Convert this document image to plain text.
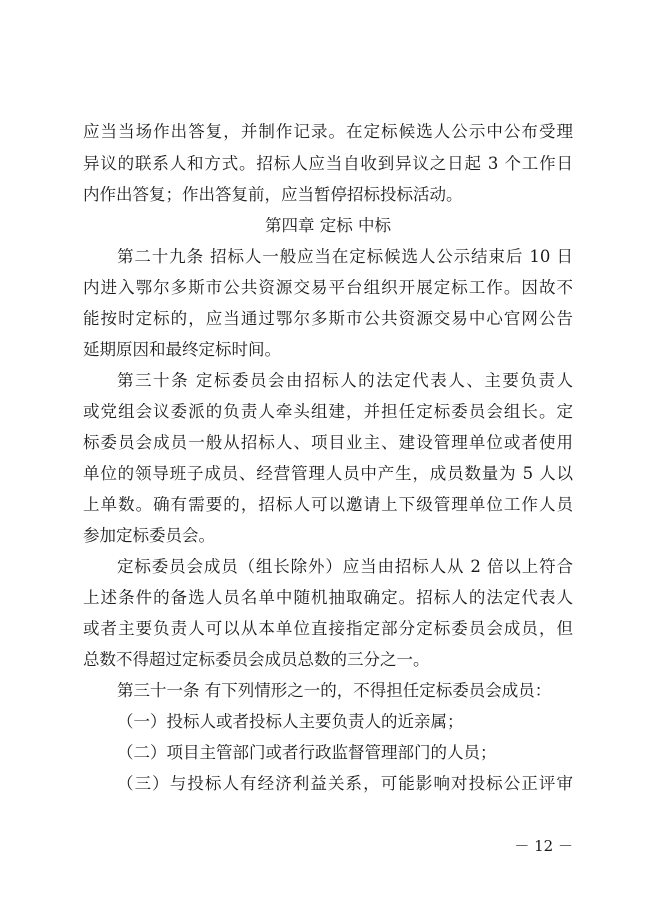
应当当场作出答复，并制作记录。在定标候选人公示中公布受理
异议的联系人和方式。招标人应当自收到异议之日起 3 个工作日
内作出答复；作出答复前，应当暂停招标投标活动。
第四章 定标 中标
第二十九条 招标人一般应当在定标候选人公示结束后 10 日
内进入鄂尔多斯市公共资源交易平台组织开展定标工作。因故不
能按时定标的，应当通过鄂尔多斯市公共资源交易中心官网公告
延期原因和最终定标时间。
第三十条 定标委员会由招标人的法定代表人、主要负责人
或党组会议委派的负责人牵头组建，并担任定标委员会组长。定
标委员会成员一般从招标人、项目业主、建设管理单位或者使用
单位的领导班子成员、经营管理人员中产生，成员数量为 5 人以
上单数。确有需要的，招标人可以邀请上下级管理单位工作人员
参加定标委员会。
定标委员会成员（组长除外）应当由招标人从 2 倍以上符合
上述条件的备选人员名单中随机抽取确定。招标人的法定代表人
或者主要负责人可以从本单位直接指定部分定标委员会成员，但
总数不得超过定标委员会成员总数的三分之一。
第三十一条 有下列情形之一的，不得担任定标委员会成员：
（一）投标人或者投标人主要负责人的近亲属；
（二）项目主管部门或者行政监督管理部门的人员；
（三）与投标人有经济利益关系，可能影响对投标公正评审
－ 12 －
